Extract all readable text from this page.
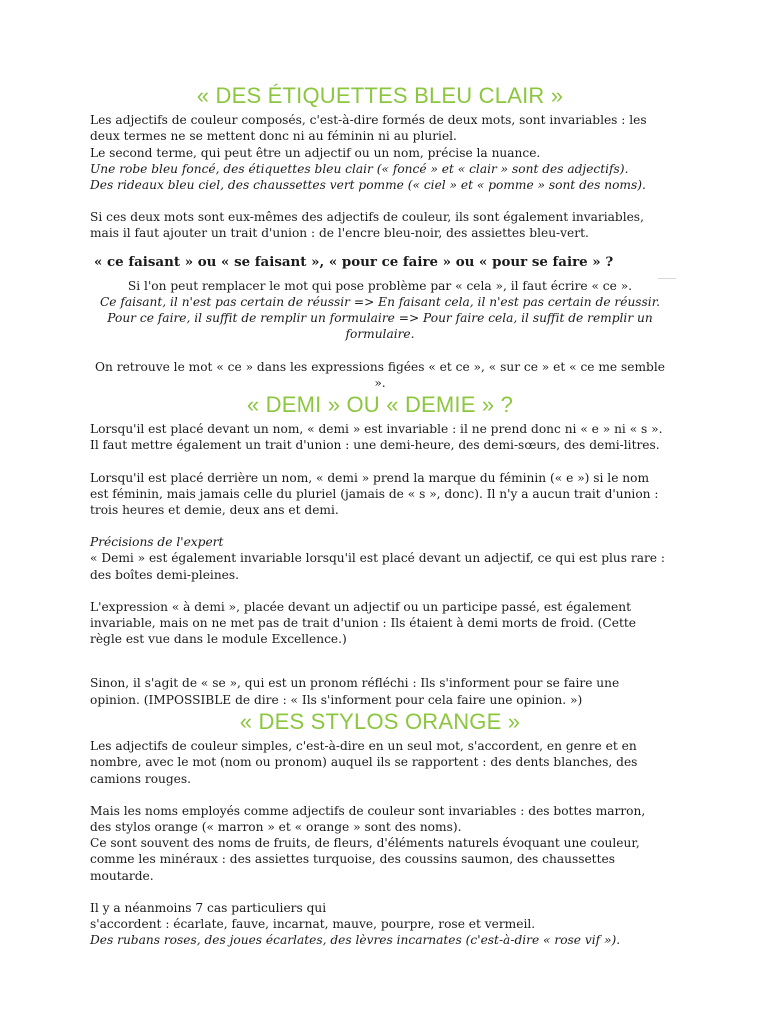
« DES ÉTIQUETTES BLEU CLAIR »

Les adjectifs de couleur composés, c'est-à-dire formés de deux mots, sont invariables : les deux termes ne se mettent donc ni au féminin ni au pluriel.

Le second terme, qui peut être un adjectif ou un nom, précise la nuance.

Une robe bleu foncé, des étiquettes bleu clair (« foncé » et « clair » sont des adjectifs).

Des rideaux bleu ciel, des chaussettes vert pomme (« ciel » et « pomme » sont des noms).

Si ces deux mots sont eux-mêmes des adjectifs de couleur, ils sont également invariables, mais il faut ajouter un trait d'union : de l'encre bleu-noir, des assiettes bleu-vert.

« ce faisant » ou « se faisant », « pour ce faire » ou « pour se faire » ?

Si l'on peut remplacer le mot qui pose problème par « cela », il faut écrire « ce ».

Ce faisant, il n'est pas certain de réussir => En faisant cela, il n'est pas certain de réussir.

Pour ce faire, il suffit de remplir un formulaire => Pour faire cela, il suffit de remplir un formulaire.

On retrouve le mot « ce » dans les expressions figées « et ce », « sur ce » et « ce me semble ».

« DEMI » OU « DEMIE » ?

Lorsqu'il est placé devant un nom, « demi » est invariable : il ne prend donc ni « e » ni « s ». Il faut mettre également un trait d'union : une demi-heure, des demi-sœurs, des demi-litres.

Lorsqu'il est placé derrière un nom, « demi » prend la marque du féminin (« e ») si le nom est féminin, mais jamais celle du pluriel (jamais de « s », donc). Il n'y a aucun trait d'union : trois heures et demie, deux ans et demi.

Précisions de l'expert

« Demi » est également invariable lorsqu'il est placé devant un adjectif, ce qui est plus rare : des boîtes demi-pleines.

L'expression « à demi », placée devant un adjectif ou un participe passé, est également invariable, mais on ne met pas de trait d'union : Ils étaient à demi morts de froid. (Cette règle est vue dans le module Excellence.)

Sinon, il s'agit de « se », qui est un pronom réfléchi : Ils s'informent pour se faire une opinion. (IMPOSSIBLE de dire : « Ils s'informent pour cela faire une opinion. »)

« DES STYLOS ORANGE »

Les adjectifs de couleur simples, c'est-à-dire en un seul mot, s'accordent, en genre et en nombre, avec le mot (nom ou pronom) auquel ils se rapportent : des dents blanches, des camions rouges.

Mais les noms employés comme adjectifs de couleur sont invariables : des bottes marron, des stylos orange (« marron » et « orange » sont des noms).

Ce sont souvent des noms de fruits, de fleurs, d'éléments naturels évoquant une couleur, comme les minéraux : des assiettes turquoise, des coussins saumon, des chaussettes moutarde.

Il y a néanmoins 7 cas particuliers qui

s'accordent : écarlate, fauve, incarnat, mauve, pourpre, rose et vermeil.

Des rubans roses, des joues écarlates, des lèvres incarnates (c'est-à-dire « rose vif »).
